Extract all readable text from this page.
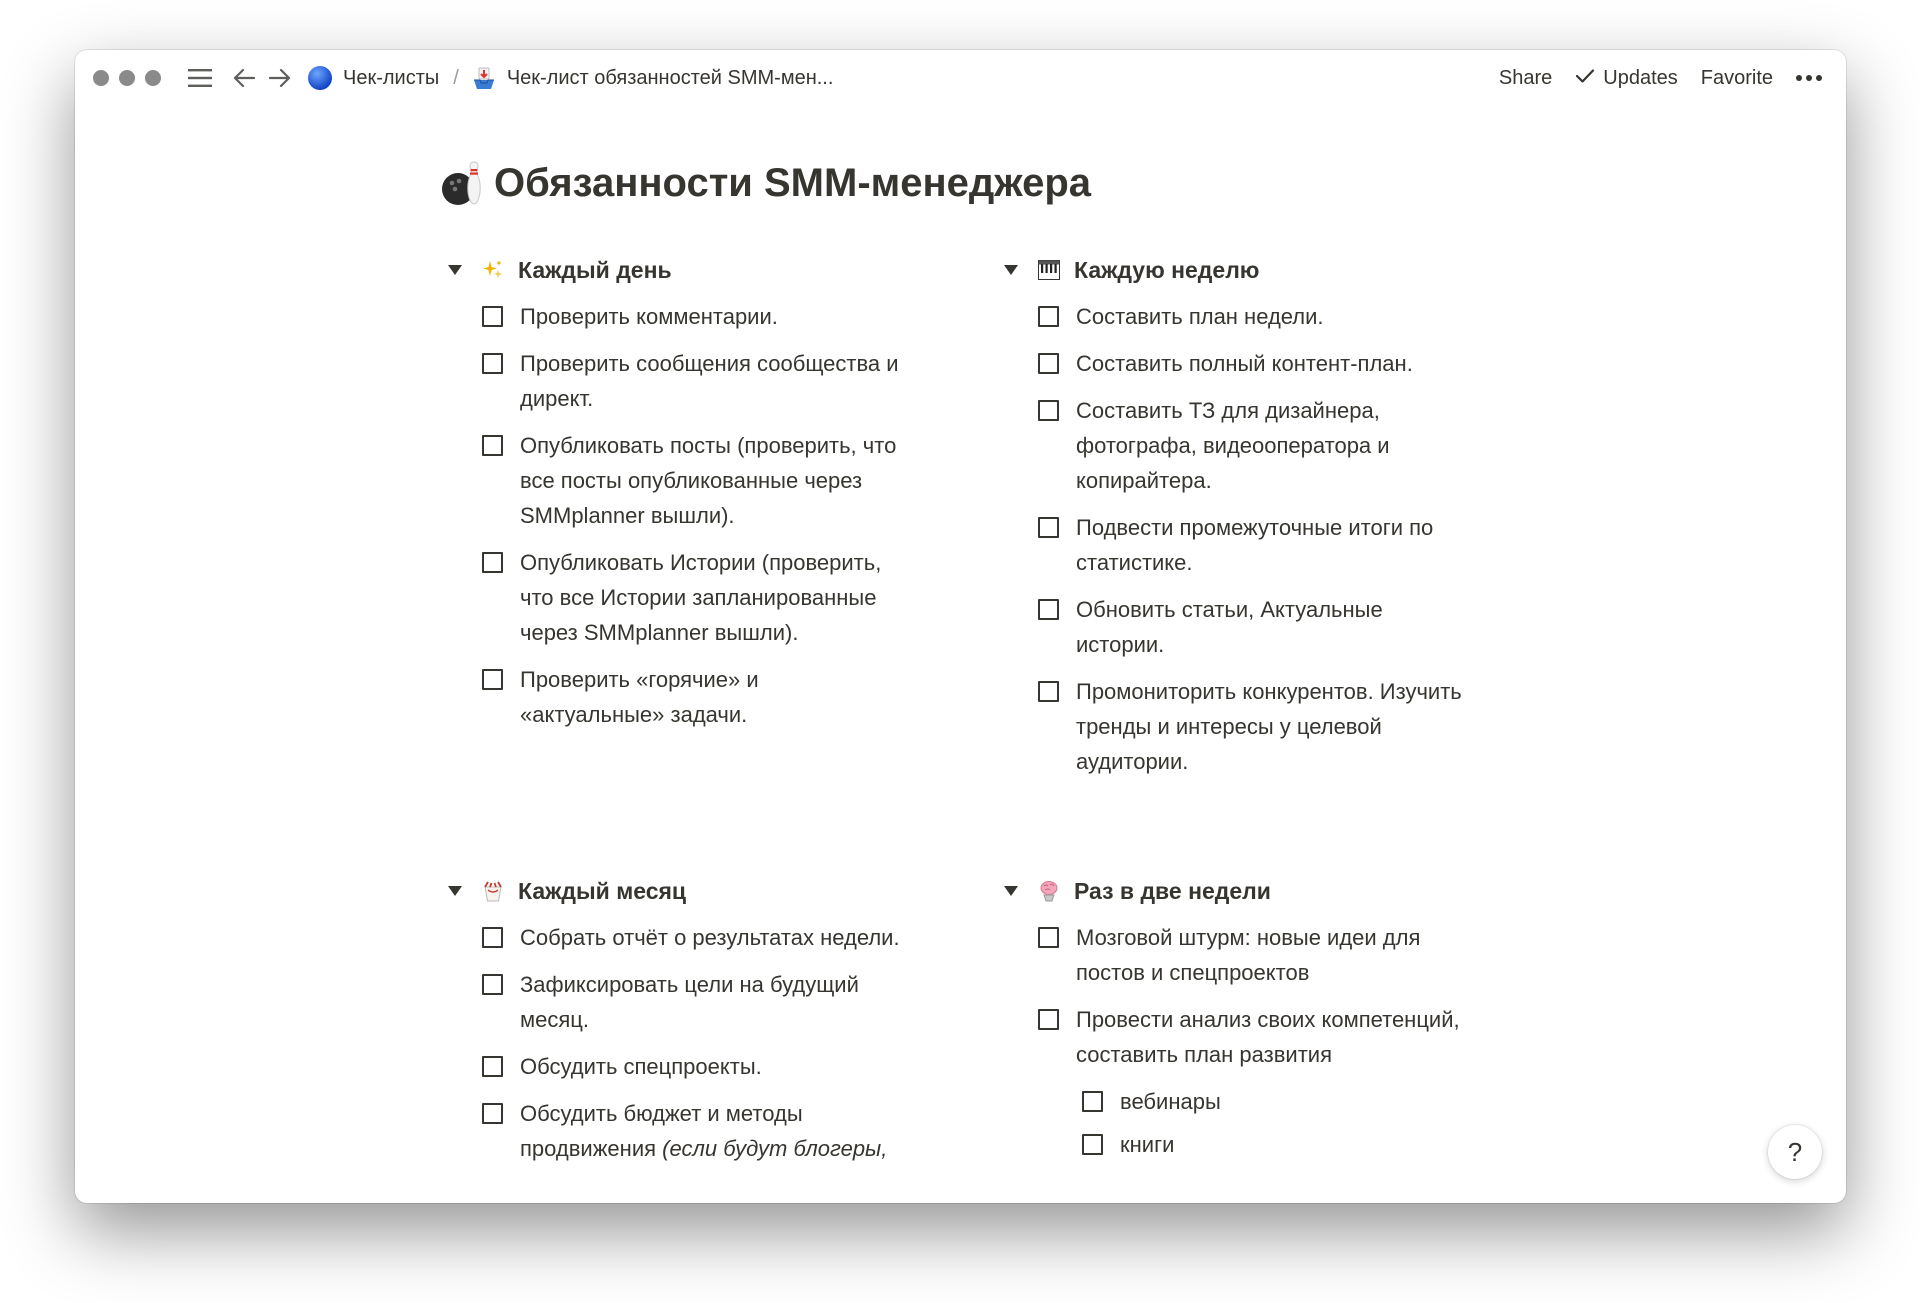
Чек-листы / Чек-лист обязанностей SMM-мен...	Share	Updates Favorite
Обязанности SMM-менеджера
Каждый день
Проверить комментарии.
Проверить сообщения сообщества и директ.
Опубликовать посты (проверить, что все посты опубликованные через SMMplanner вышли).
Опубликовать Истории (проверить, что все Истории запланированные через SMMplanner вышли).
Проверить «горячие» и «актуальные» задачи.
Каждую неделю
Составить план недели.
Составить полный контент-план.
Составить ТЗ для дизайнера, фотографа, видеооператора и копирайтера.
Подвести промежуточные итоги по статистике.
Обновить статьи, Актуальные истории.
Промониторить конкурентов. Изучить тренды и интересы у целевой аудитории.
Каждый месяц
Собрать отчёт о результатах недели.
Зафиксировать цели на будущий месяц.
Обсудить спецпроекты.
Обсудить бюджет и методы продвижения (если будут блогеры,
Раз в две недели
Мозговой штурм: новые идеи для постов и спецпроектов
Провести анализ своих компетенций, составить план развития
вебинары
книги	?
